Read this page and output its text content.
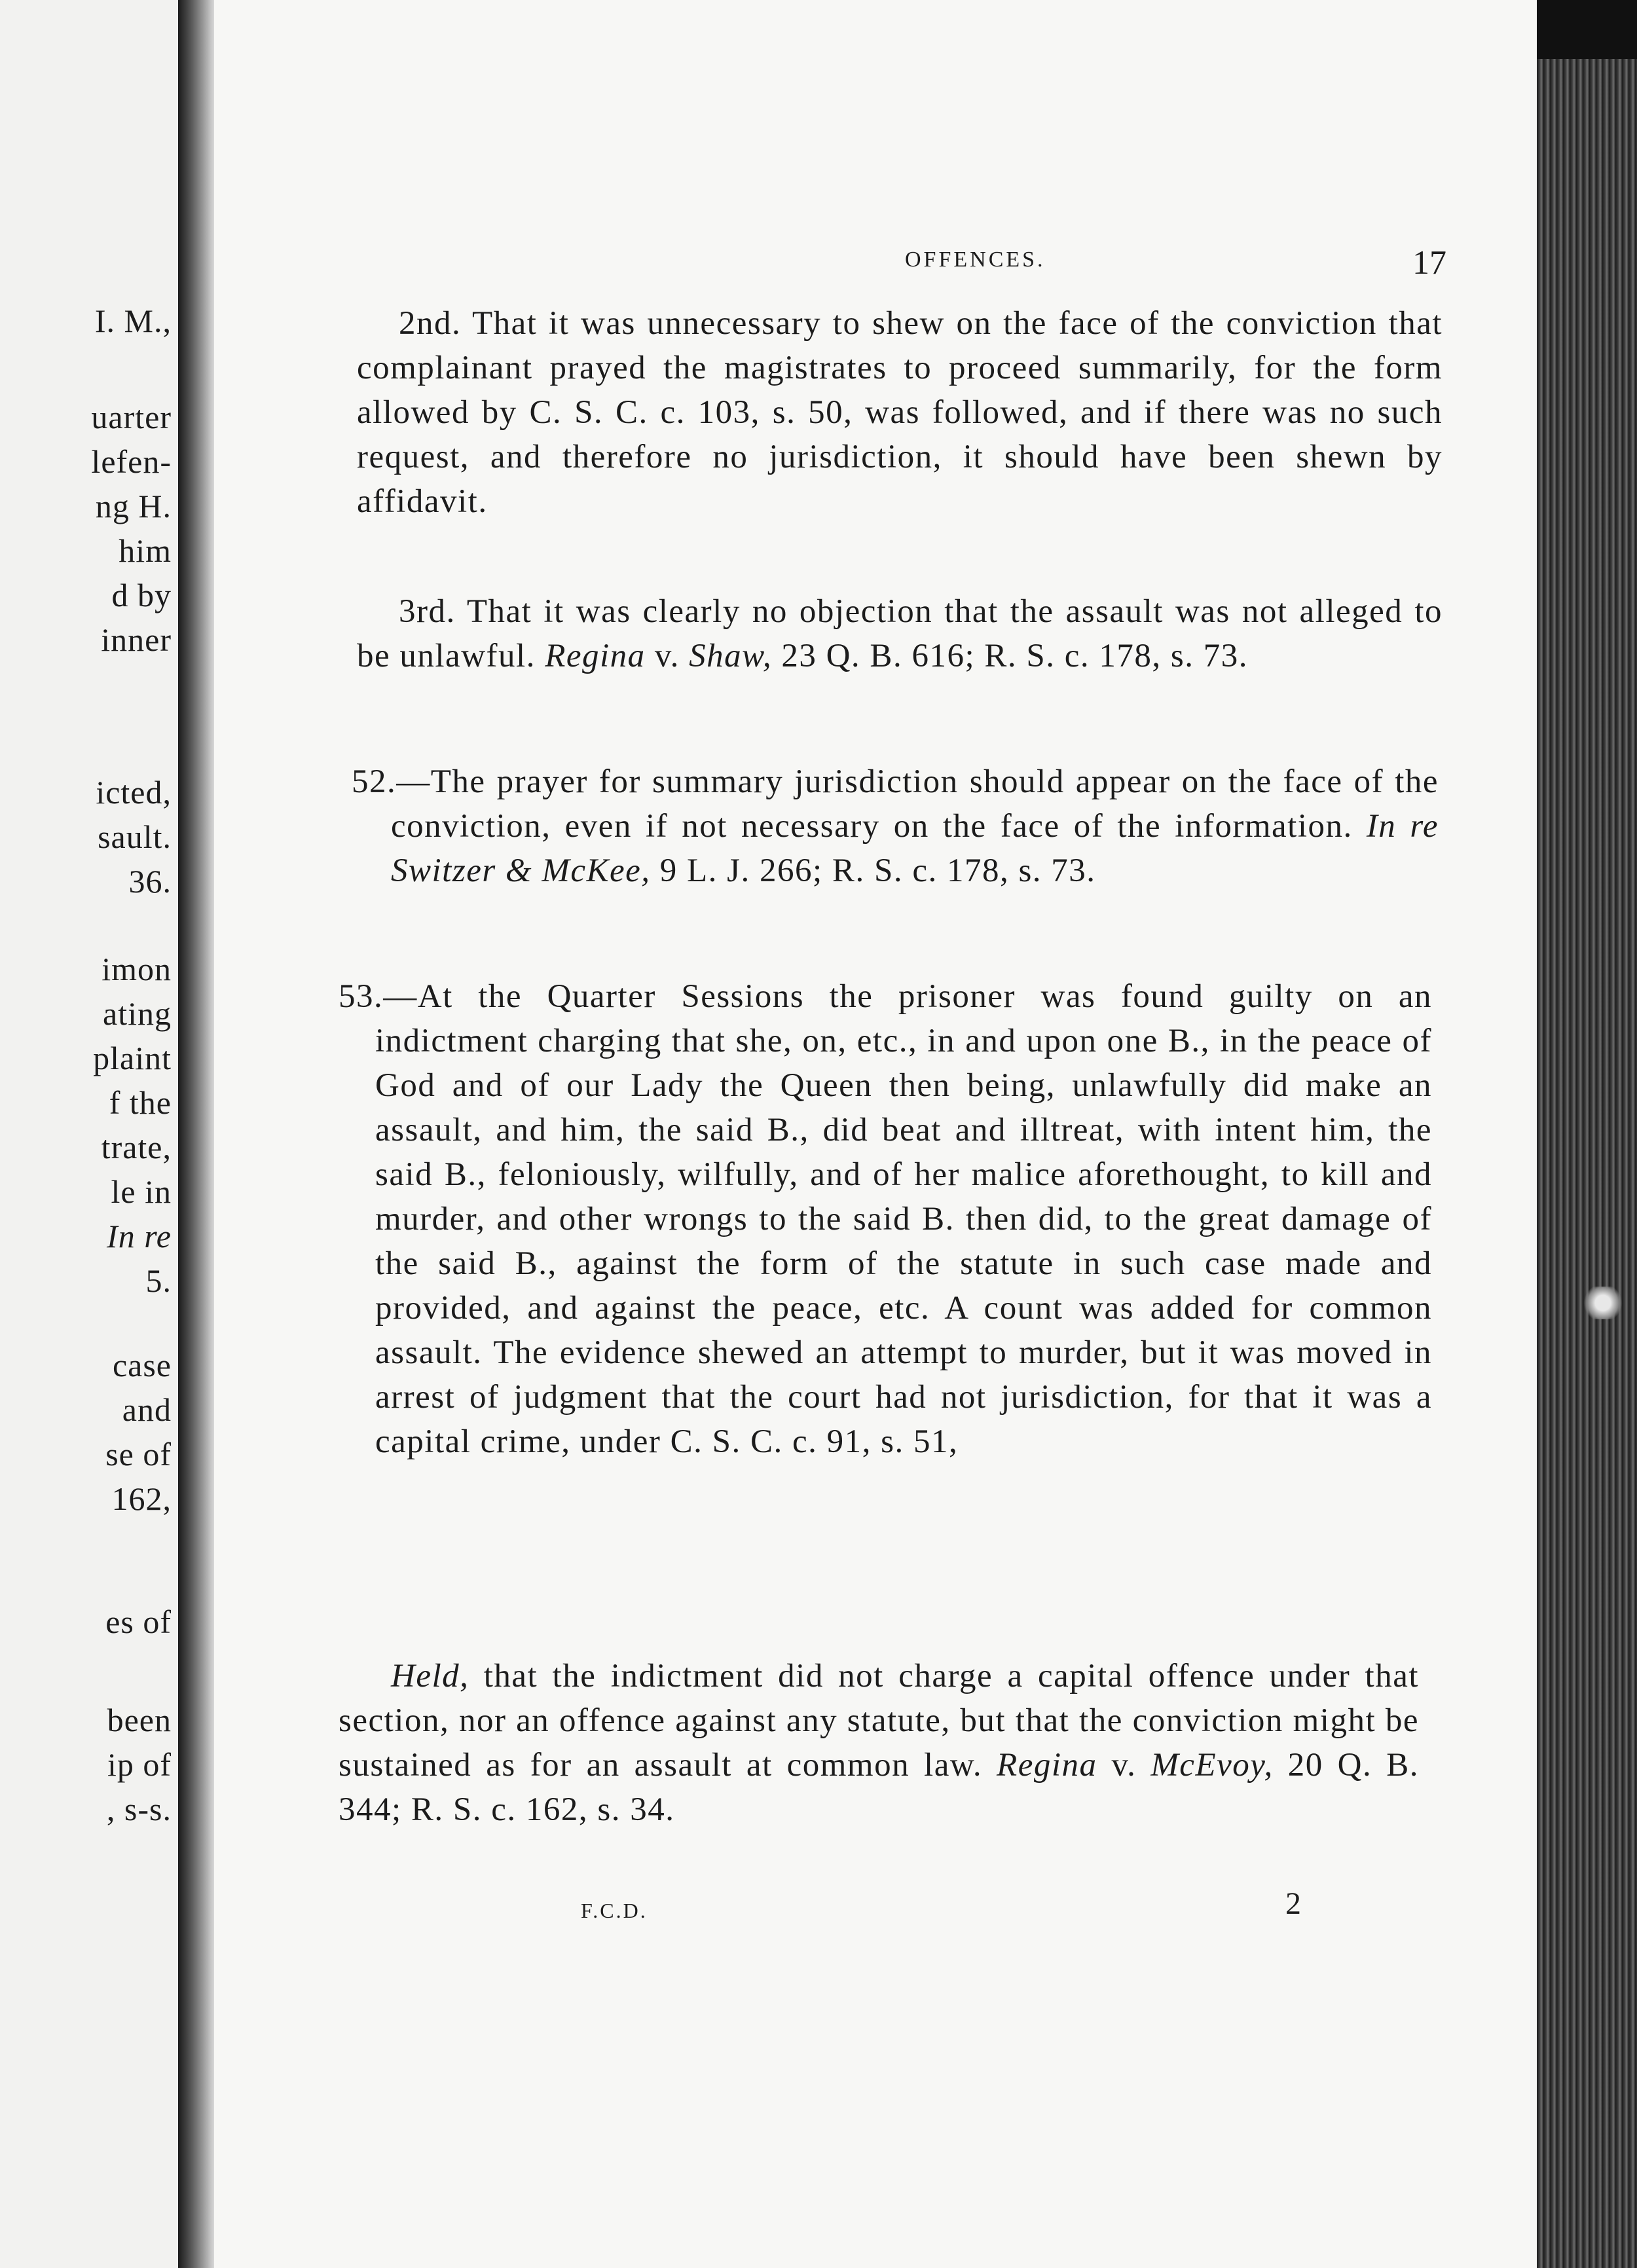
I. M.,
uarter
lefen-
ng H.
him
d by
inner
icted,
sault.
36.
imon
ating
plaint
f the
trate,
le in
In re
5.
case
and
se of
162,
es of
been
ip of
, s-s.
OFFENCES.	17

2nd. That it was unnecessary to shew on the face of the conviction that complainant prayed the magistrates to proceed summarily, for the form allowed by C. S. C. c. 103, s. 50, was followed, and if there was no such request, and therefore no jurisdiction, it should have been shewn by affidavit.

3rd. That it was clearly no objection that the assault was not alleged to be unlawful. Regina v. Shaw, 23 Q. B. 616; R. S. c. 178, s. 73.

52.—The prayer for summary jurisdiction should appear on the face of the conviction, even if not necessary on the face of the information. In re Switzer & McKee, 9 L. J. 266; R. S. c. 178, s. 73.

53.—At the Quarter Sessions the prisoner was found guilty on an indictment charging that she, on, etc., in and upon one B., in the peace of God and of our Lady the Queen then being, unlawfully did make an assault, and him, the said B., did beat and illtreat, with intent him, the said B., feloniously, wilfully, and of her malice aforethought, to kill and murder, and other wrongs to the said B. then did, to the great damage of the said B., against the form of the statute in such case made and provided, and against the peace, etc. A count was added for common assault. The evidence shewed an attempt to murder, but it was moved in arrest of judgment that the court had not jurisdiction, for that it was a capital crime, under C. S. C. c. 91, s. 51,

Held, that the indictment did not charge a capital offence under that section, nor an offence against any statute, but that the conviction might be sustained as for an assault at common law. Regina v. McEvoy, 20 Q. B. 344; R. S. c. 162, s. 34.

F.C.D.	2
